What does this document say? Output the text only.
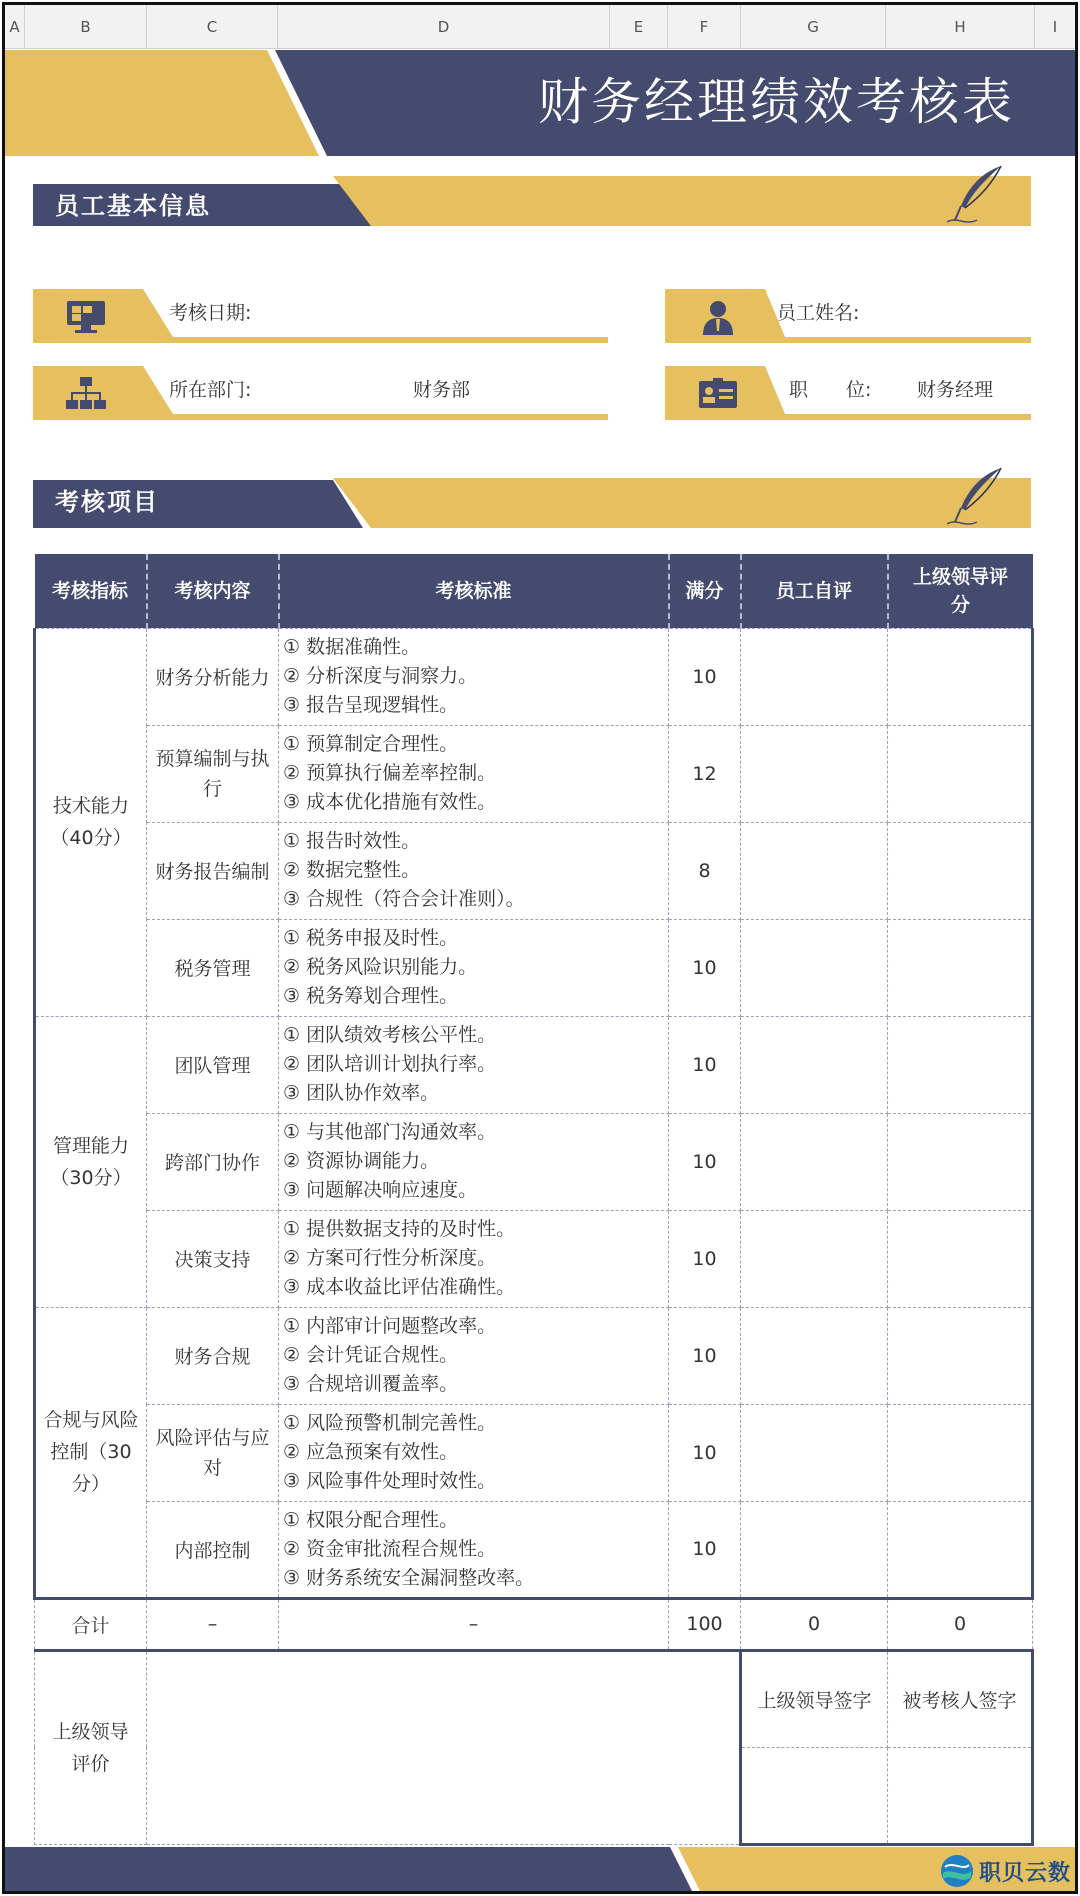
A	B	C	D	E	F	G	H	I
财务经理绩效考核表
员工基本信息
考核日期:	员工姓名:
所在部门:	财务部	职　　位: 财务经理
考核项目
考核指标	考核内容	考核标准	满分	员工自评	上级领导评分
技术能力（40分）	财务分析能力	① 数据准确性。
② 分析深度与洞察力。
③ 报告呈现逻辑性。	10		
	预算编制与执行	① 预算制定合理性。
② 预算执行偏差率控制。
③ 成本优化措施有效性。	12		
	财务报告编制	① 报告时效性。
② 数据完整性。
③ 合规性（符合会计准则）。	8		
	税务管理	① 税务申报及时性。
② 税务风险识别能力。
③ 税务筹划合理性。	10		
管理能力（30分）	团队管理	① 团队绩效考核公平性。
② 团队培训计划执行率。
③ 团队协作效率。	10		
	跨部门协作	① 与其他部门沟通效率。
② 资源协调能力。
③ 问题解决响应速度。	10		
	决策支持	① 提供数据支持的及时性。
② 方案可行性分析深度。
③ 成本收益比评估准确性。	10		
合规与风险控制（30分）	财务合规	① 内部审计问题整改率。
② 会计凭证合规性。
③ 合规培训覆盖率。	10		
	风险评估与应对	① 风险预警机制完善性。
② 应急预案有效性。
③ 风险事件处理时效性。	10		
	内部控制	① 权限分配合理性。
② 资金审批流程合规性。
③ 财务系统安全漏洞整改率。	10		
合计	–	–	100	0	0
上级领导评价				上级领导签字	被考核人签字

职贝云数
